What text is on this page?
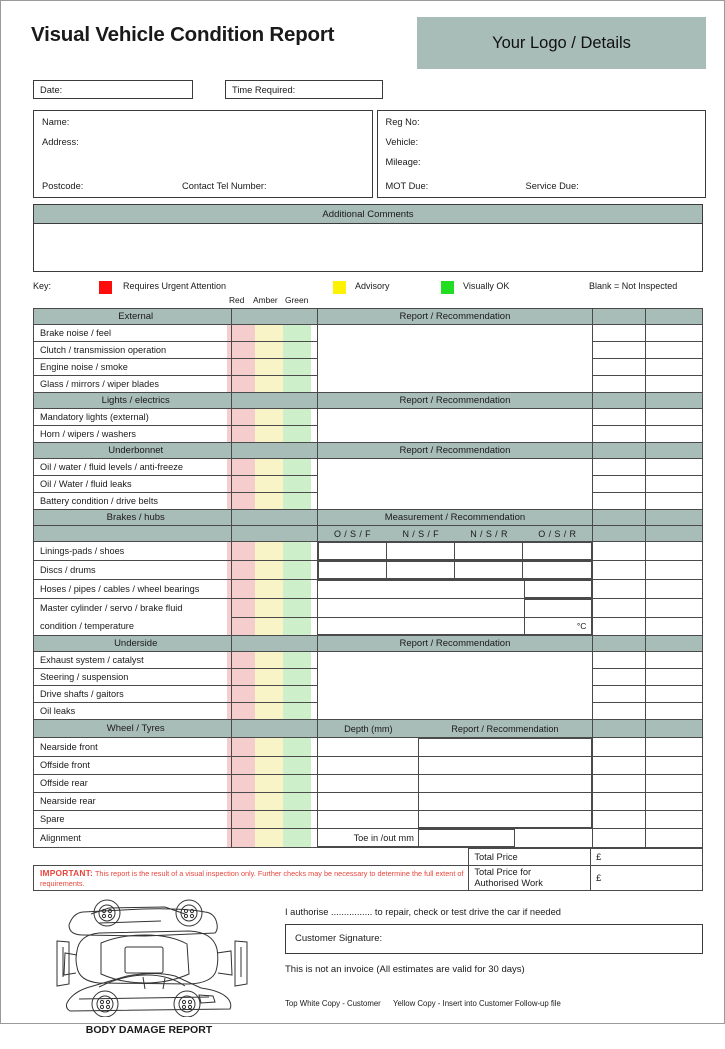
Visual Vehicle Condition Report	Your Logo / Details
Date:	Time Required:
Name:
Address:
Postcode:	Contact Tel Number:
Reg No:
Vehicle:
Mileage:
MOT Due:	Service Due:
Additional Comments
Key:	Requires Urgent Attention	Advisory	Visually OK	Blank = Not Inspected
Red Amber Green
External				Report / Recommendation		
Brake noise / feel						
Clutch / transmission operation						
Engine noise / smoke						
Glass / mirrors / wiper blades						
Lights / electrics				Report / Recommendation		
Mandatory lights (external)						
Horn / wipers / washers						
Underbonnet				Report / Recommendation		
Oil / water / fluid levels / anti-freeze						
Oil / Water / fluid leaks						
Battery condition / drive belts						
Brakes / hubs				Measurement / Recommendation		

O / S / F	N / S / F	N / S / R	O / S / R

Linings-pads / shoes				

Discs / drums				

Hoses / pipes / cables / wheel bearings				

Master cylinder / servo / brake fluid				

condition / temperature				
		°C

Underside				Report / Recommendation		
Exhaust system / catalyst						
Steering / suspension						
Drive shafts / gaitors						
Oil leaks						
Wheel / Tyres					Depth (mm)	Report / Recommendation

Nearside front				

Offside front				

Offside rear				

Nearside rear				

Spare				

Alignment					Toe in /out mm		

	Total Price	£
IMPORTANT: This report is the result of a visual inspection only. Further checks may be necessary to determine the full extent of requirements.	Total Price for
Authorised Work	£
BODY DAMAGE REPORT
I authorise ................ to repair, check or test drive the car if needed
Customer Signature:
This is not an invoice (All estimates are valid for 30 days)
Top White Copy - Customer	Yellow Copy - Insert into Customer Follow-up file
